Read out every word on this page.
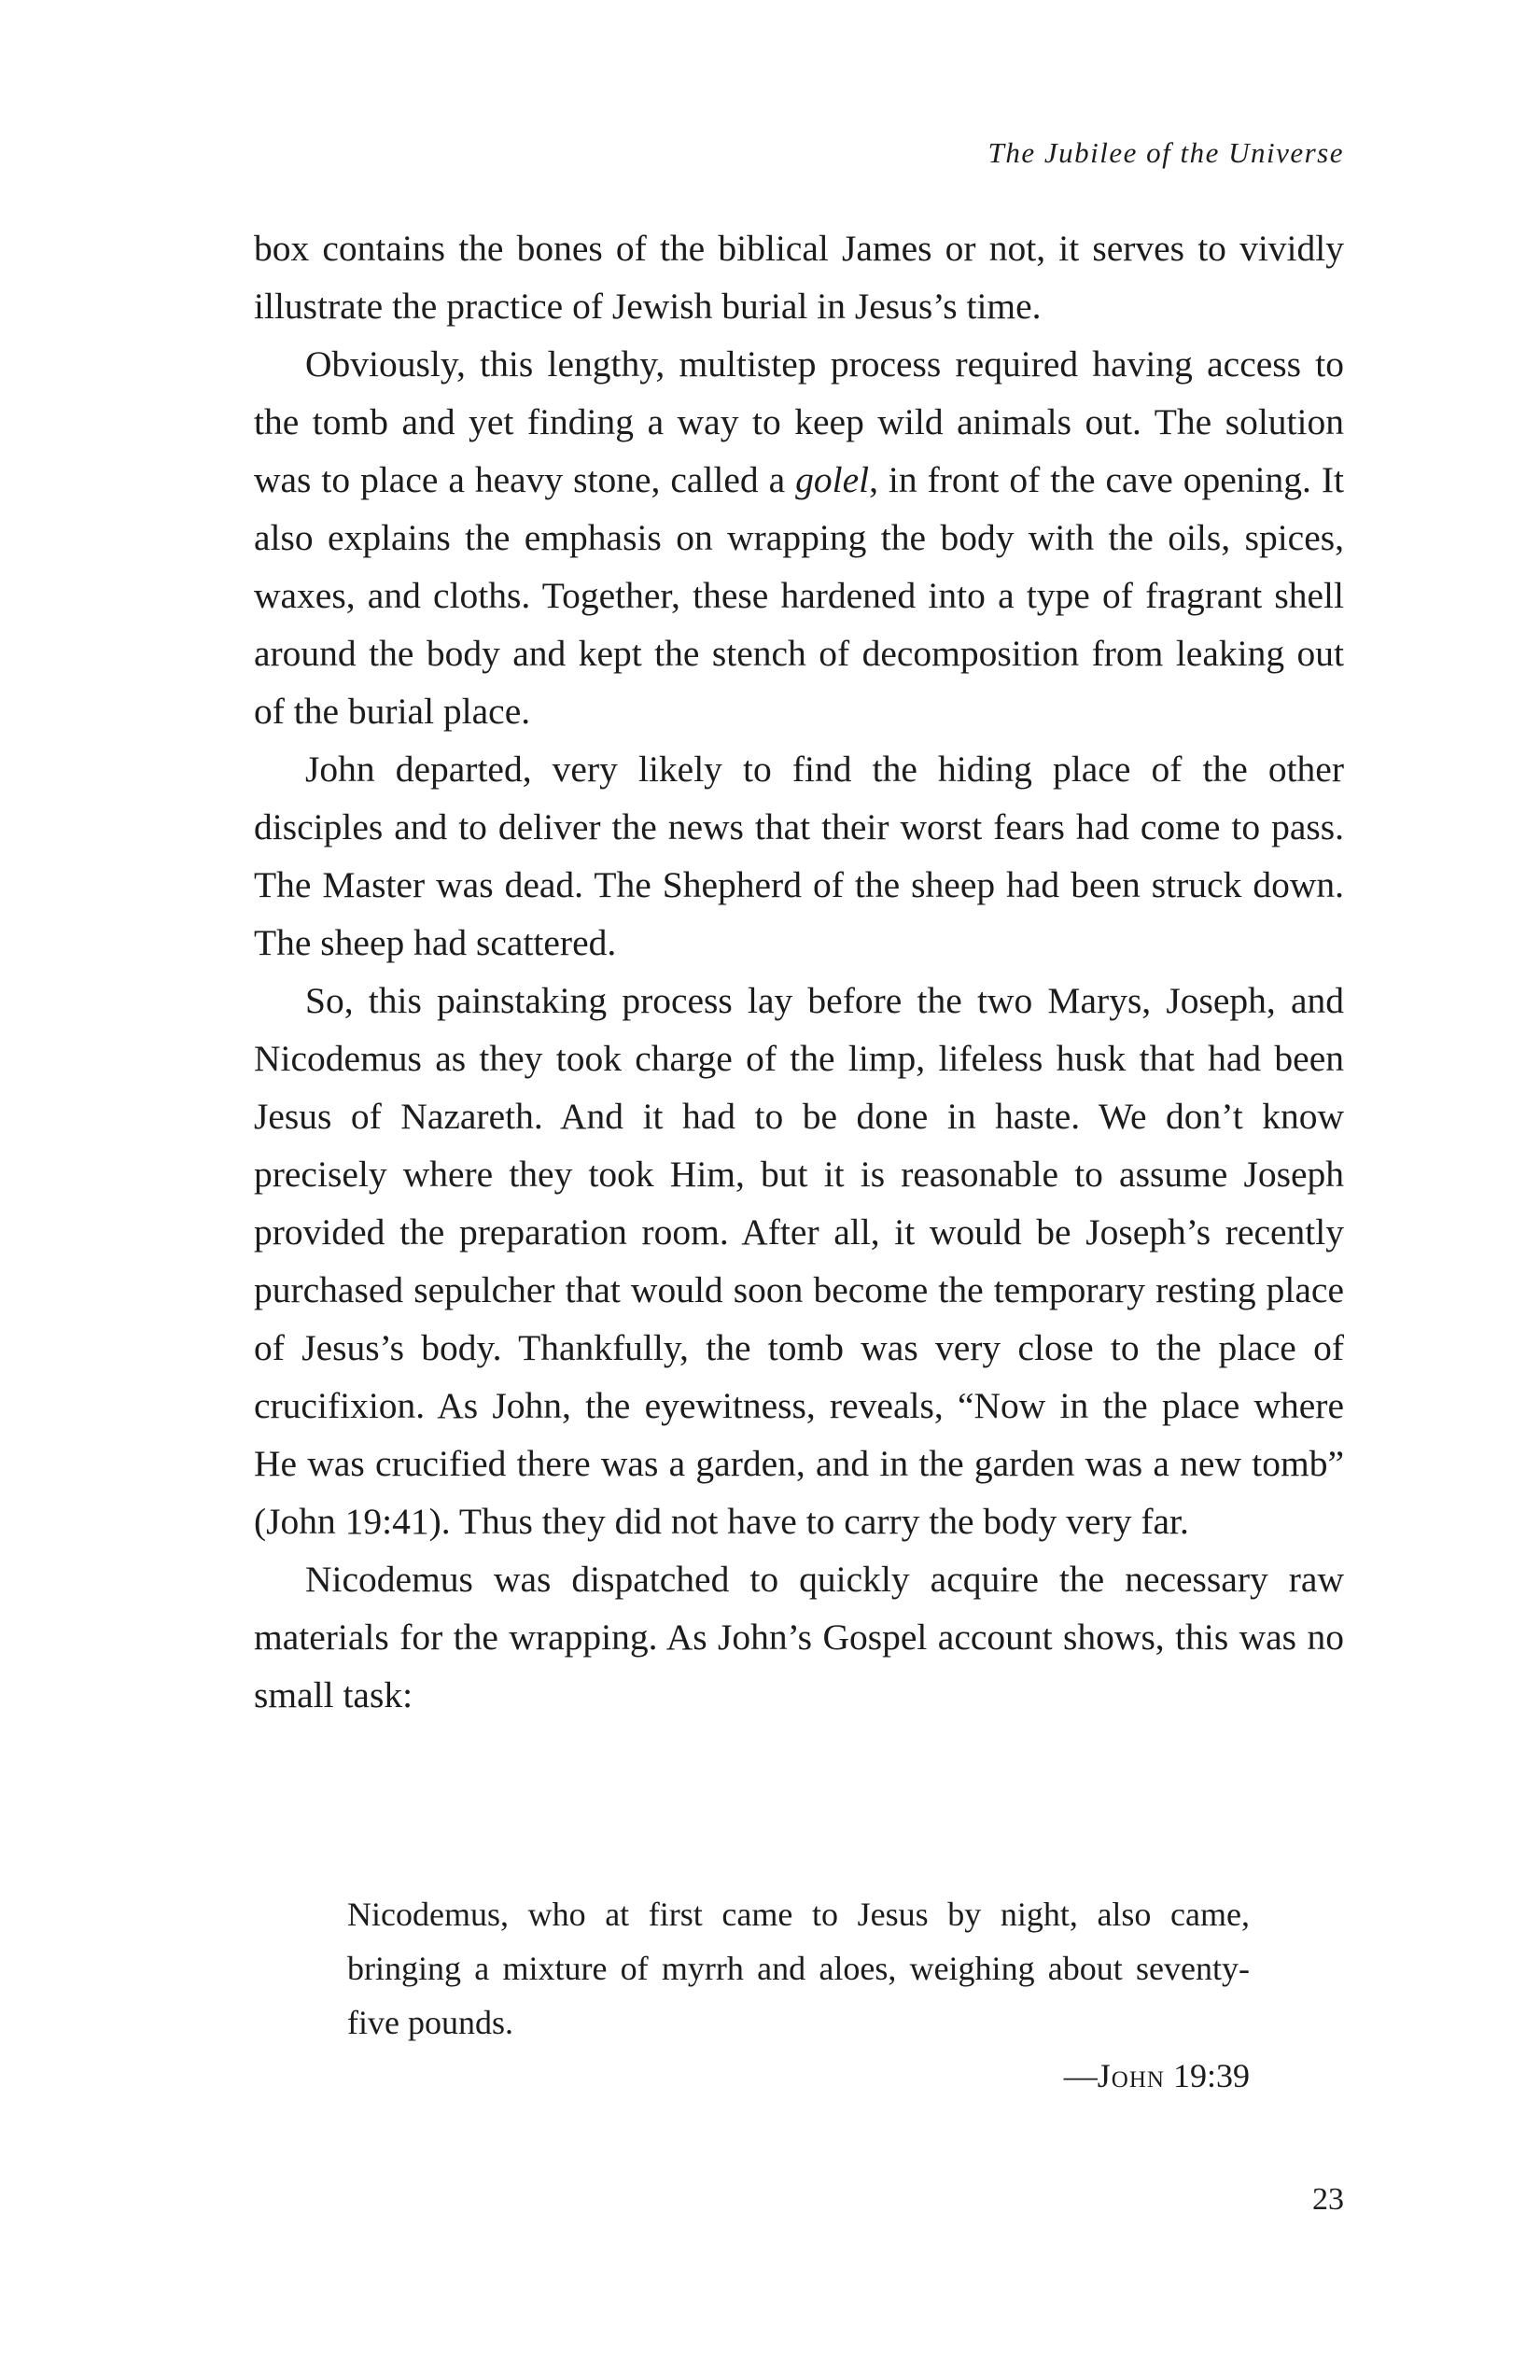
The Jubilee of the Universe

box contains the bones of the biblical James or not, it serves to vividly illustrate the practice of Jewish burial in Jesus’s time.

Obviously, this lengthy, multistep process required having access to the tomb and yet finding a way to keep wild animals out. The solution was to place a heavy stone, called a golel, in front of the cave opening. It also explains the emphasis on wrapping the body with the oils, spices, waxes, and cloths. Together, these hardened into a type of fragrant shell around the body and kept the stench of decomposition from leaking out of the burial place.

John departed, very likely to find the hiding place of the other disciples and to deliver the news that their worst fears had come to pass. The Master was dead. The Shepherd of the sheep had been struck down. The sheep had scattered.

So, this painstaking process lay before the two Marys, Joseph, and Nicodemus as they took charge of the limp, lifeless husk that had been Jesus of Nazareth. And it had to be done in haste. We don’t know precisely where they took Him, but it is reasonable to assume Joseph provided the preparation room. After all, it would be Joseph’s recently purchased sepulcher that would soon become the temporary resting place of Jesus’s body. Thankfully, the tomb was very close to the place of crucifixion. As John, the eyewitness, reveals, “Now in the place where He was crucified there was a garden, and in the garden was a new tomb” (John 19:41). Thus they did not have to carry the body very far.

Nicodemus was dispatched to quickly acquire the necessary raw materials for the wrapping. As John’s Gospel account shows, this was no small task:

Nicodemus, who at first came to Jesus by night, also came, bringing a mixture of myrrh and aloes, weighing about seventy-five pounds.

—John 19:39

23
